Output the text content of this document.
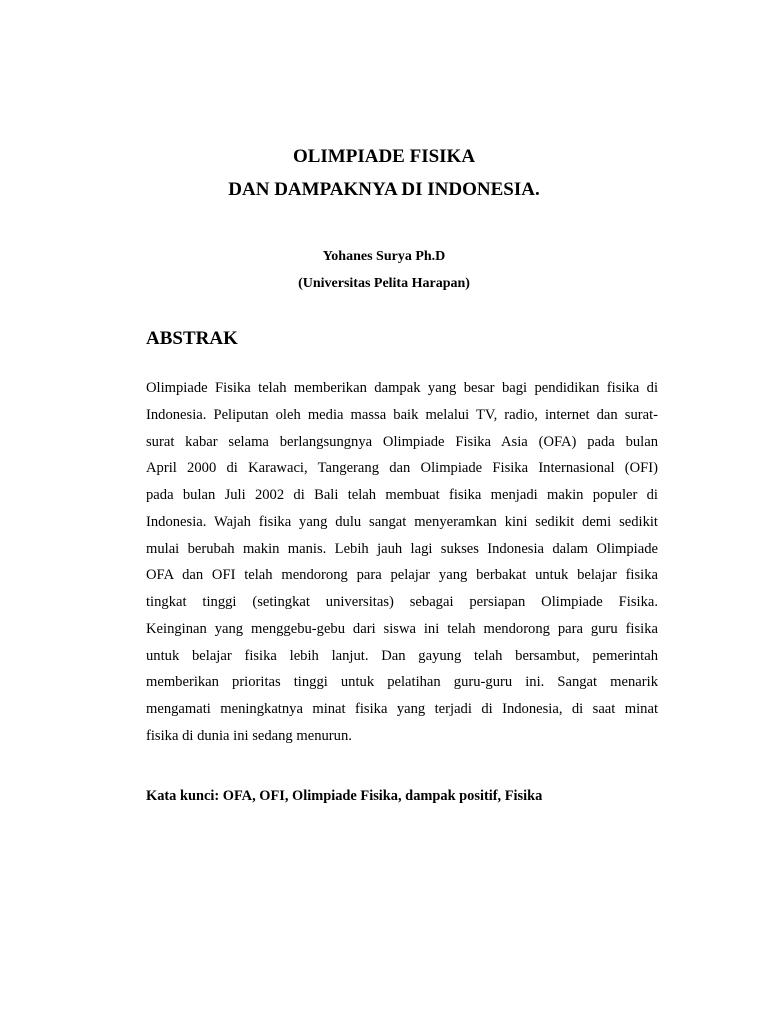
OLIMPIADE FISIKA
DAN DAMPAKNYA DI INDONESIA.
Yohanes Surya Ph.D
(Universitas Pelita Harapan)
ABSTRAK
Olimpiade Fisika telah memberikan dampak yang besar bagi pendidikan fisika di
Indonesia. Peliputan oleh media massa baik melalui TV, radio, internet dan surat-
surat kabar selama berlangsungnya Olimpiade Fisika Asia (OFA) pada bulan
April 2000 di Karawaci, Tangerang dan Olimpiade Fisika Internasional (OFI)
pada bulan Juli 2002 di Bali telah membuat fisika menjadi makin populer di
Indonesia. Wajah fisika yang dulu sangat menyeramkan kini sedikit demi sedikit
mulai berubah makin manis. Lebih jauh lagi sukses Indonesia dalam Olimpiade
OFA dan OFI telah mendorong para pelajar yang berbakat untuk belajar fisika
tingkat tinggi (setingkat universitas) sebagai persiapan Olimpiade Fisika.
Keinginan yang menggebu-gebu dari siswa ini telah mendorong para guru fisika
untuk belajar fisika lebih lanjut. Dan gayung telah bersambut, pemerintah
memberikan prioritas tinggi untuk pelatihan guru-guru ini. Sangat menarik
mengamati meningkatnya minat fisika yang terjadi di Indonesia, di saat minat
fisika di dunia ini sedang menurun.
Kata kunci: OFA, OFI, Olimpiade Fisika, dampak positif, Fisika
